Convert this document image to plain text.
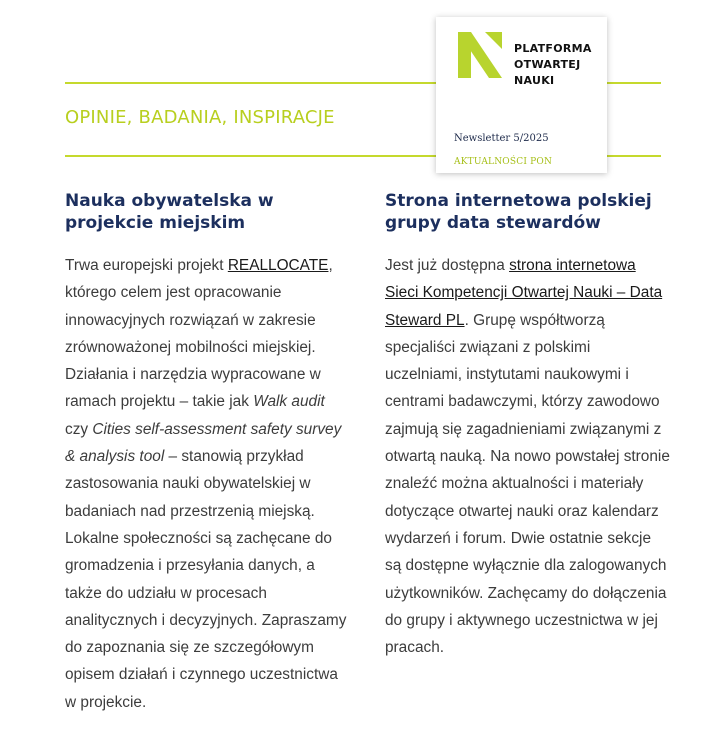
OPINIE, BADANIA, INSPIRACJE
PLATFORMA
OTWARTEJ
NAUKI
Newsletter 5/2025
AKTUALNOŚCI PON
Nauka obywatelska w projekcie miejskim

Trwa europejski projekt REALLOCATE, którego celem jest opracowanie innowacyjnych rozwiązań w zakresie zrównoważonej mobilności miejskiej. Działania i narzędzia wypracowane w ramach projektu – takie jak Walk audit czy Cities self-assessment safety survey & analysis tool – stanowią przykład zastosowania nauki obywatelskiej w badaniach nad przestrzenią miejską. Lokalne społeczności są zachęcane do gromadzenia i przesyłania danych, a także do udziału w procesach analitycznych i decyzyjnych. Zapraszamy do zapoznania się ze szczegółowym opisem działań i czynnego uczestnictwa w projekcie.

Strona internetowa polskiej grupy data stewardów

Jest już dostępna strona internetowa Sieci Kompetencji Otwartej Nauki – Data Steward PL. Grupę współtworzą specjaliści związani z polskimi uczelniami, instytutami naukowymi i centrami badawczymi, którzy zawodowo zajmują się zagadnieniami związanymi z otwartą nauką. Na nowo powstałej stronie znaleźć można aktualności i materiały dotyczące otwartej nauki oraz kalendarz wydarzeń i forum. Dwie ostatnie sekcje są dostępne wyłącznie dla zalogowanych użytkowników. Zachęcamy do dołączenia do grupy i aktywnego uczestnictwa w jej pracach.
